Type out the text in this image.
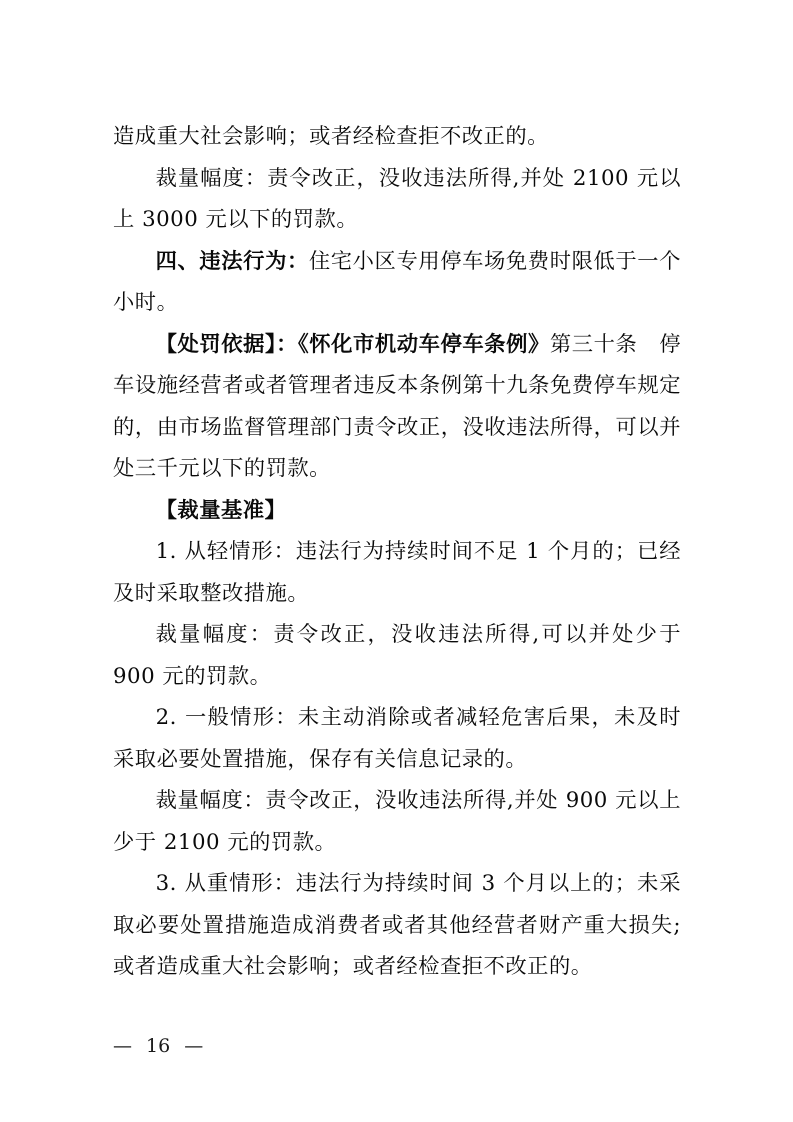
造成重大社会影响；或者经检查拒不改正的。

裁量幅度：责令改正，没收违法所得,并处 2100 元以上 3000 元以下的罚款。

四、违法行为：住宅小区专用停车场免费时限低于一个小时。

【处罚依据】：《怀化市机动车停车条例》第三十条　停车设施经营者或者管理者违反本条例第十九条免费停车规定的，由市场监督管理部门责令改正，没收违法所得，可以并处三千元以下的罚款。

【裁量基准】

1. 从轻情形：违法行为持续时间不足 1 个月的；已经及时采取整改措施。

裁量幅度：责令改正，没收违法所得,可以并处少于 900 元的罚款。

2. 一般情形：未主动消除或者减轻危害后果，未及时采取必要处置措施，保存有关信息记录的。

裁量幅度：责令改正，没收违法所得,并处 900 元以上少于 2100 元的罚款。

3. 从重情形：违法行为持续时间 3 个月以上的；未采取必要处置措施造成消费者或者其他经营者财产重大损失;或者造成重大社会影响；或者经检查拒不改正的。

— 16 —
